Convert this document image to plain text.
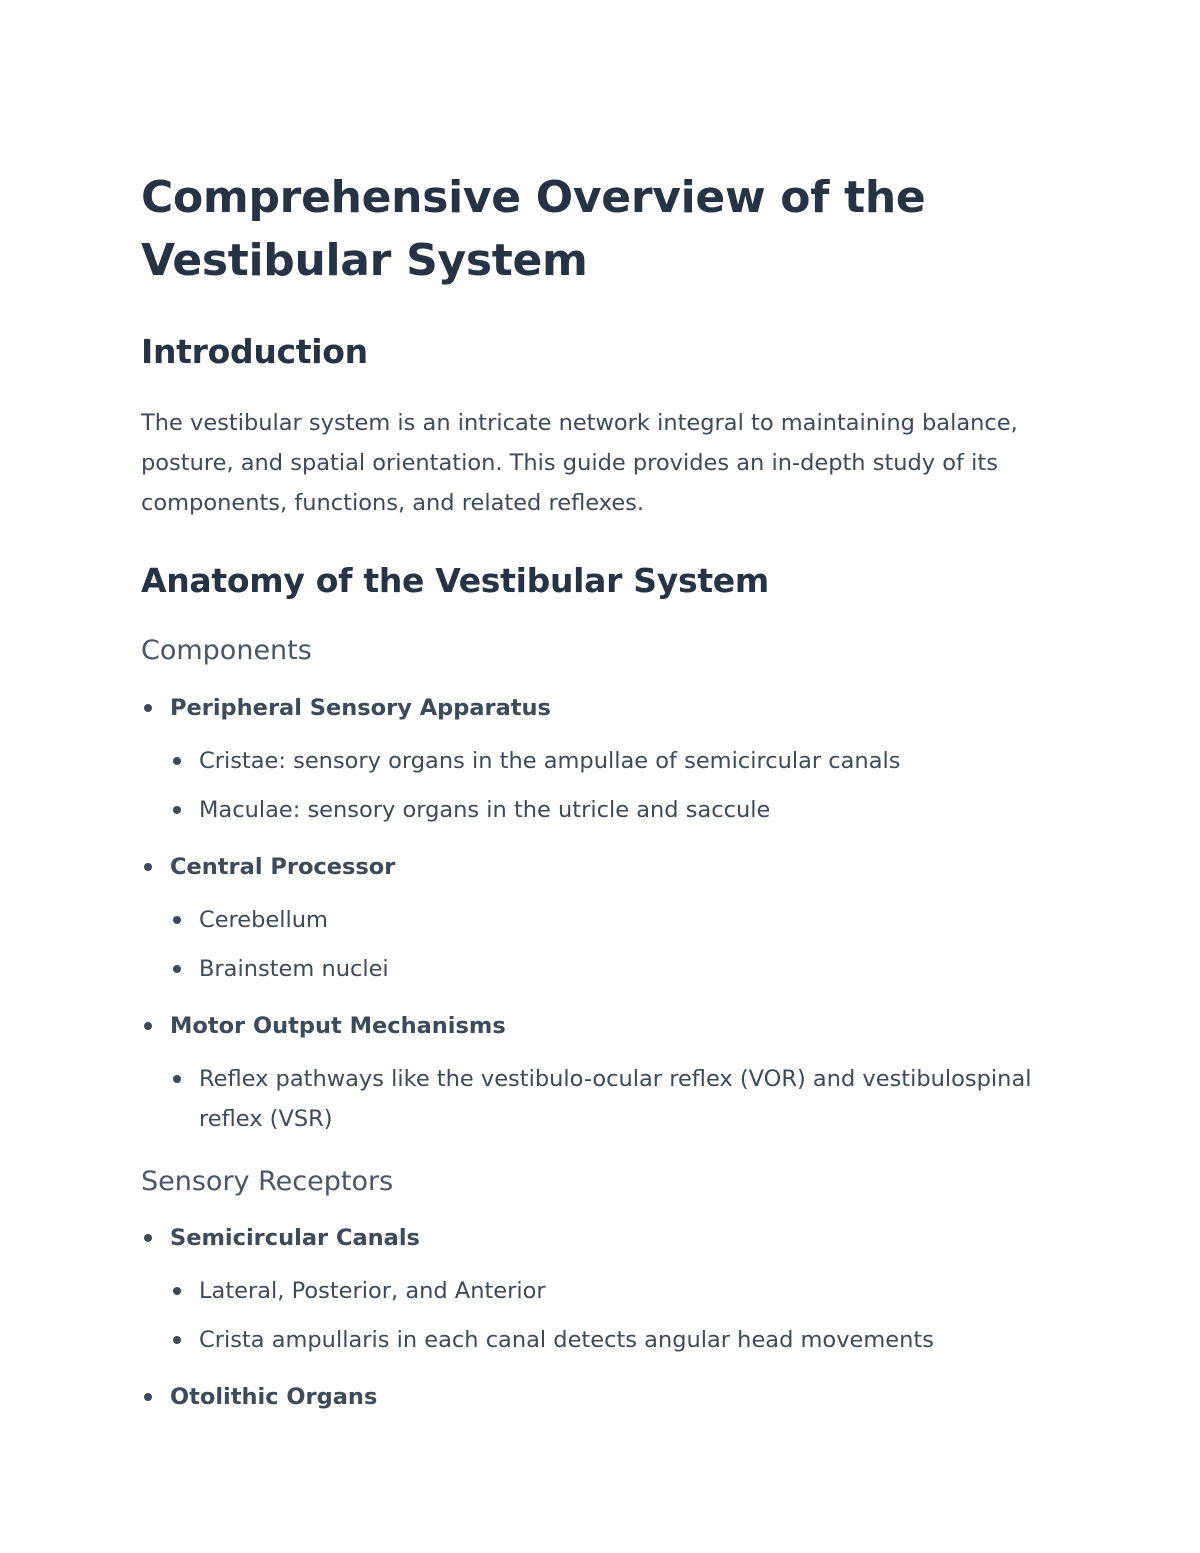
Comprehensive Overview of the Vestibular System
Introduction

The vestibular system is an intricate network integral to maintaining balance, posture, and spatial orientation. This guide provides an in-depth study of its components, functions, and related reflexes.

Anatomy of the Vestibular System
Components
Peripheral Sensory Apparatus
Cristae: sensory organs in the ampullae of semicircular canals
Maculae: sensory organs in the utricle and saccule
Central Processor
Cerebellum
Brainstem nuclei
Motor Output Mechanisms
Reflex pathways like the vestibulo-ocular reflex (VOR) and vestibulospinal reflex (VSR)
Sensory Receptors
Semicircular Canals
Lateral, Posterior, and Anterior
Crista ampullaris in each canal detects angular head movements
Otolithic Organs
